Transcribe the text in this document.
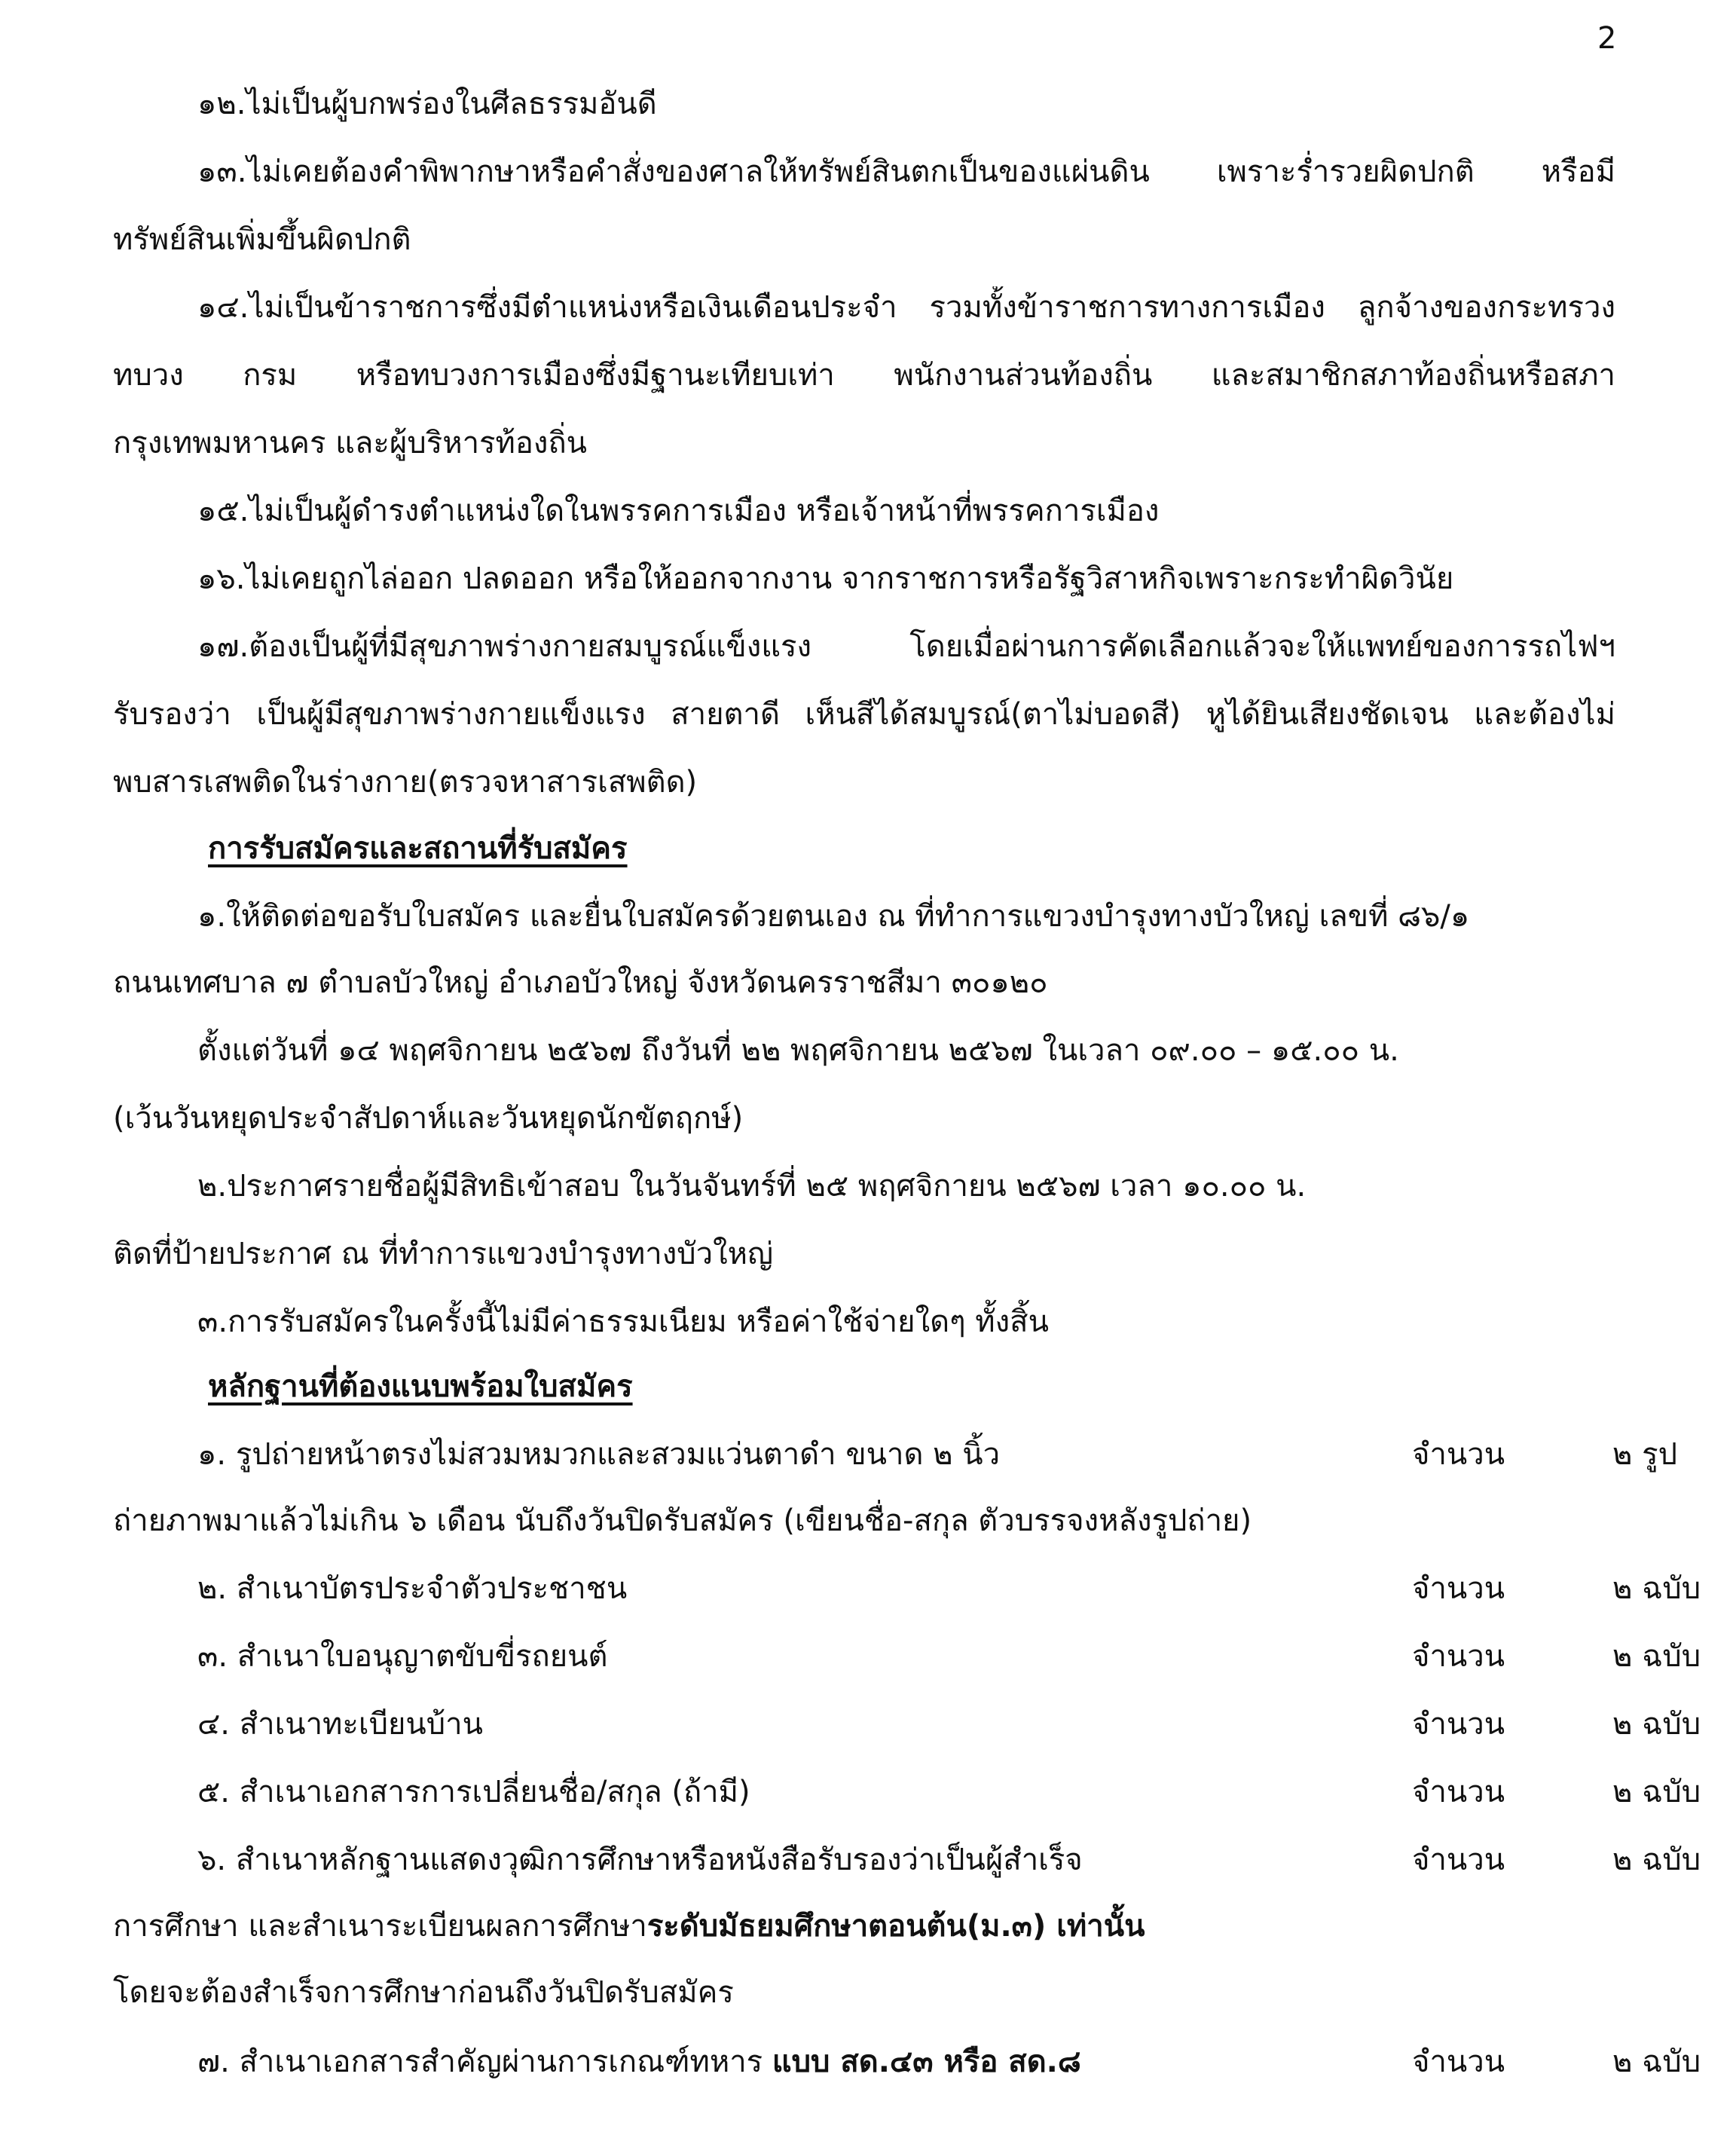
2
๑๒.ไม่เป็นผู้บกพร่องในศีลธรรมอันดี
๑๓.ไม่เคยต้องคำพิพากษาหรือคำสั่งของศาลให้ทรัพย์สินตกเป็นของแผ่นดิน เพราะร่ำรวยผิดปกติ หรือมี
ทรัพย์สินเพิ่มขึ้นผิดปกติ
๑๔.ไม่เป็นข้าราชการซึ่งมีตำแหน่งหรือเงินเดือนประจำ รวมทั้งข้าราชการทางการเมือง ลูกจ้างของกระทรวง
ทบวง กรม หรือทบวงการเมืองซึ่งมีฐานะเทียบเท่า พนักงานส่วนท้องถิ่น และสมาชิกสภาท้องถิ่นหรือสภา
กรุงเทพมหานคร และผู้บริหารท้องถิ่น
๑๕.ไม่เป็นผู้ดำรงตำแหน่งใดในพรรคการเมือง หรือเจ้าหน้าที่พรรคการเมือง
๑๖.ไม่เคยถูกไล่ออก ปลดออก หรือให้ออกจากงาน จากราชการหรือรัฐวิสาหกิจเพราะกระทำผิดวินัย
๑๗.ต้องเป็นผู้ที่มีสุขภาพร่างกายสมบูรณ์แข็งแรง โดยเมื่อผ่านการคัดเลือกแล้วจะให้แพทย์ของการรถไฟฯ
รับรองว่า เป็นผู้มีสุขภาพร่างกายแข็งแรง สายตาดี เห็นสีได้สมบูรณ์(ตาไม่บอดสี) หูได้ยินเสียงชัดเจน และต้องไม่
พบสารเสพติดในร่างกาย(ตรวจหาสารเสพติด)
การรับสมัครและสถานที่รับสมัคร
๑.ให้ติดต่อขอรับใบสมัคร และยื่นใบสมัครด้วยตนเอง ณ ที่ทำการแขวงบำรุงทางบัวใหญ่ เลขที่ ๘๖/๑
ถนนเทศบาล ๗ ตำบลบัวใหญ่ อำเภอบัวใหญ่ จังหวัดนครราชสีมา ๓๐๑๒๐
ตั้งแต่วันที่ ๑๔ พฤศจิกายน ๒๕๖๗ ถึงวันที่ ๒๒ พฤศจิกายน ๒๕๖๗ ในเวลา ๐๙.๐๐ – ๑๕.๐๐ น.
(เว้นวันหยุดประจำสัปดาห์และวันหยุดนักขัตฤกษ์)
๒.ประกาศรายชื่อผู้มีสิทธิเข้าสอบ ในวันจันทร์ที่ ๒๕ พฤศจิกายน ๒๕๖๗ เวลา ๑๐.๐๐ น.
ติดที่ป้ายประกาศ ณ ที่ทำการแขวงบำรุงทางบัวใหญ่
๓.การรับสมัครในครั้งนี้ไม่มีค่าธรรมเนียม หรือค่าใช้จ่ายใดๆ ทั้งสิ้น
หลักฐานที่ต้องแนบพร้อมใบสมัคร
๑. รูปถ่ายหน้าตรงไม่สวมหมวกและสวมแว่นตาดำ ขนาด ๒ นิ้ว	จำนวน	๒ รูป
ถ่ายภาพมาแล้วไม่เกิน ๖ เดือน นับถึงวันปิดรับสมัคร (เขียนชื่อ-สกุล ตัวบรรจงหลังรูปถ่าย)
๒. สำเนาบัตรประจำตัวประชาชน	จำนวน	๒ ฉบับ
๓. สำเนาใบอนุญาตขับขี่รถยนต์	จำนวน	๒ ฉบับ
๔. สำเนาทะเบียนบ้าน	จำนวน	๒ ฉบับ
๕. สำเนาเอกสารการเปลี่ยนชื่อ/สกุล (ถ้ามี)	จำนวน	๒ ฉบับ
๖. สำเนาหลักฐานแสดงวุฒิการศึกษาหรือหนังสือรับรองว่าเป็นผู้สำเร็จ	จำนวน	๒ ฉบับ
การศึกษา และสำเนาระเบียนผลการศึกษาระดับมัธยมศึกษาตอนต้น(ม.๓) เท่านั้น
โดยจะต้องสำเร็จการศึกษาก่อนถึงวันปิดรับสมัคร
๗. สำเนาเอกสารสำคัญผ่านการเกณฑ์ทหาร แบบ สด.๔๓ หรือ สด.๘	จำนวน	๒ ฉบับ
